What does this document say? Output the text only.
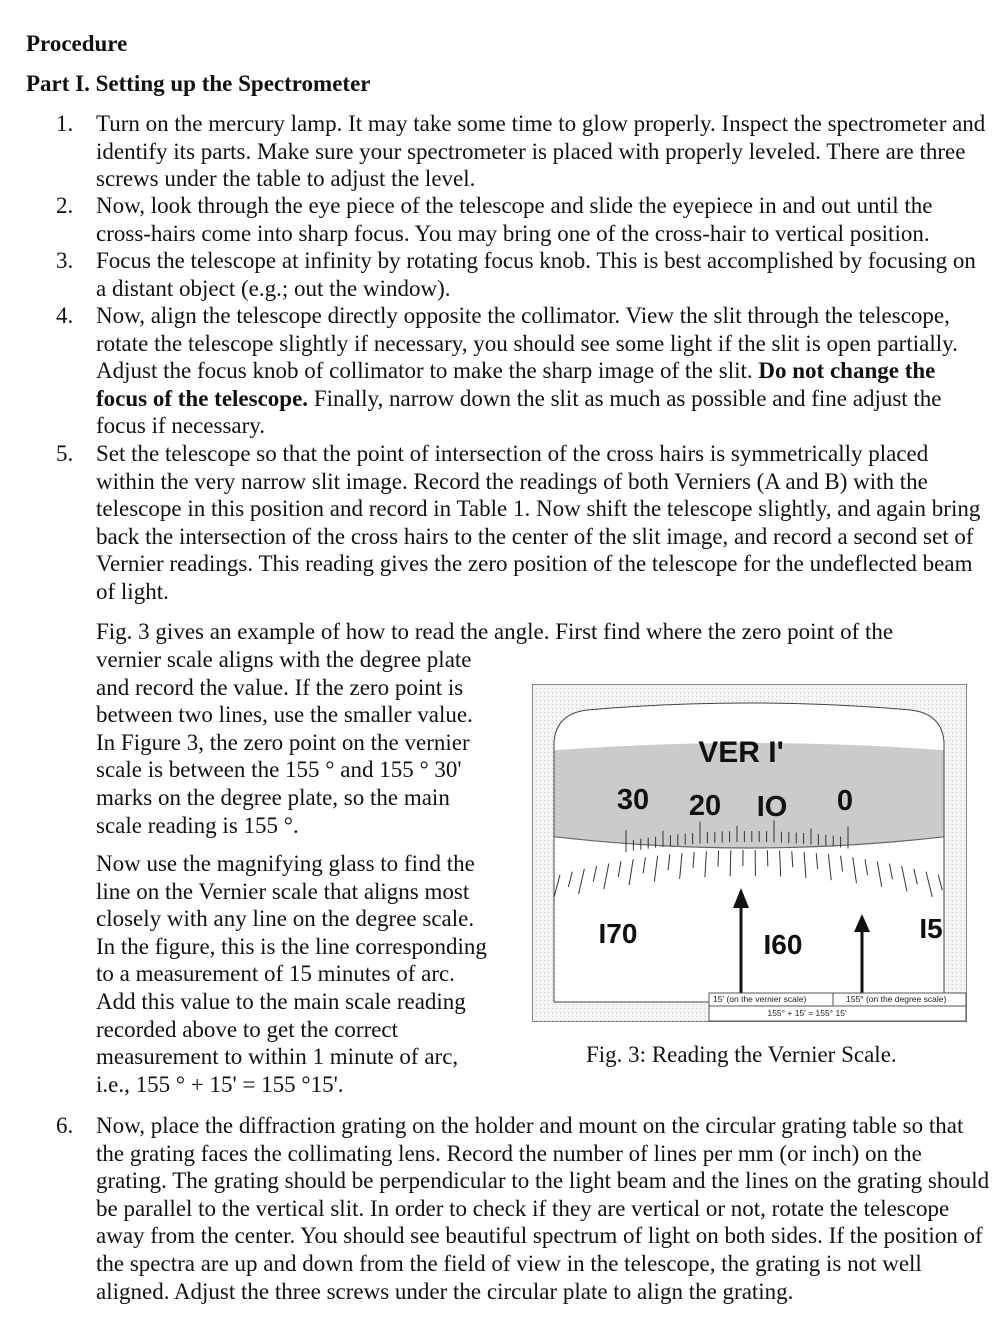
Procedure
Part I. Setting up the Spectrometer
1. Turn on the mercury lamp. It may take some time to glow properly. Inspect the spectrometer and identify its parts. Make sure your spectrometer is placed with properly leveled. There are three screws under the table to adjust the level.
2. Now, look through the eye piece of the telescope and slide the eyepiece in and out until the cross-hairs come into sharp focus. You may bring one of the cross-hair to vertical position.
3. Focus the telescope at infinity by rotating focus knob. This is best accomplished by focusing on a distant object (e.g.; out the window).
4. Now, align the telescope directly opposite the collimator. View the slit through the telescope, rotate the telescope slightly if necessary, you should see some light if the slit is open partially. Adjust the focus knob of collimator to make the sharp image of the slit. Do not change the focus of the telescope. Finally, narrow down the slit as much as possible and fine adjust the focus if necessary.
5. Set the telescope so that the point of intersection of the cross hairs is symmetrically placed within the very narrow slit image. Record the readings of both Verniers (A and B) with the telescope in this position and record in Table 1. Now shift the telescope slightly, and again bring back the intersection of the cross hairs to the center of the slit image, and record a second set of Vernier readings. This reading gives the zero position of the telescope for the undeflected beam of light.
Fig. 3 gives an example of how to read the angle. First find where the zero point of the
vernier scale aligns with the degree plate
and record the value. If the zero point is
between two lines, use the smaller value.
In Figure 3, the zero point on the vernier
scale is between the 155 ° and 155 ° 30'
marks on the degree plate, so the main
scale reading is 155 °.
Now use the magnifying glass to find the
line on the Vernier scale that aligns most
closely with any line on the degree scale.
In the figure, this is the line corresponding
to a measurement of 15 minutes of arc.
Add this value to the main scale reading
recorded above to get the correct
measurement to within 1 minute of arc,
i.e., 155 ° + 15' = 155 °15'.
VER I'
30 20 IO 0
I70	I60
I5
15' (on the vernier scale)	155° (on the degree scale)
155° + 15' = 155° 15'
Fig. 3: Reading the Vernier Scale.
6. Now, place the diffraction grating on the holder and mount on the circular grating table so that the grating faces the collimating lens. Record the number of lines per mm (or inch) on the grating. The grating should be perpendicular to the light beam and the lines on the grating should be parallel to the vertical slit. In order to check if they are vertical or not, rotate the telescope away from the center. You should see beautiful spectrum of light on both sides. If the position of the spectra are up and down from the field of view in the telescope, the grating is not well aligned. Adjust the three screws under the circular plate to align the grating.
